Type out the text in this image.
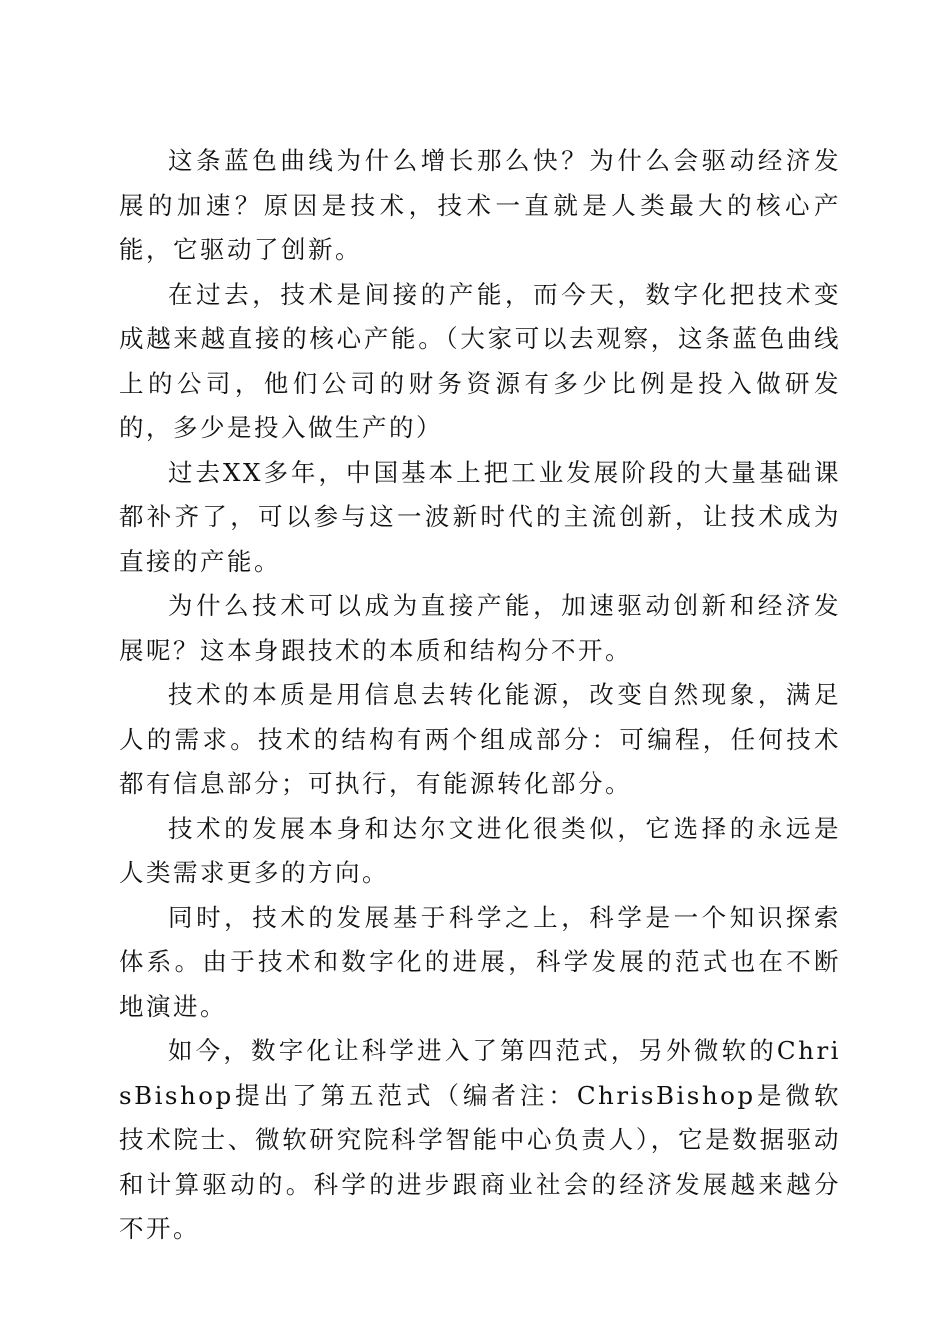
这条蓝色曲线为什么增长那么快？为什么会驱动经济发展的加速？原因是技术，技术一直就是人类最大的核心产能，它驱动了创新。

在过去，技术是间接的产能，而今天，数字化把技术变成越来越直接的核心产能。（大家可以去观察，这条蓝色曲线上的公司，他们公司的财务资源有多少比例是投入做研发的，多少是投入做生产的）

过去XX多年，中国基本上把工业发展阶段的大量基础课都补齐了，可以参与这一波新时代的主流创新，让技术成为直接的产能。

为什么技术可以成为直接产能，加速驱动创新和经济发展呢？这本身跟技术的本质和结构分不开。

技术的本质是用信息去转化能源，改变自然现象，满足人的需求。技术的结构有两个组成部分：可编程，任何技术都有信息部分；可执行，有能源转化部分。

技术的发展本身和达尔文进化很类似，它选择的永远是人类需求更多的方向。

同时，技术的发展基于科学之上，科学是一个知识探索体系。由于技术和数字化的进展，科学发展的范式也在不断地演进。

如今，数字化让科学进入了第四范式，另外微软的ChrisBishop提出了第五范式（编者注：ChrisBishop是微软技术院士、微软研究院科学智能中心负责人），它是数据驱动和计算驱动的。科学的进步跟商业社会的经济发展越来越分不开。
